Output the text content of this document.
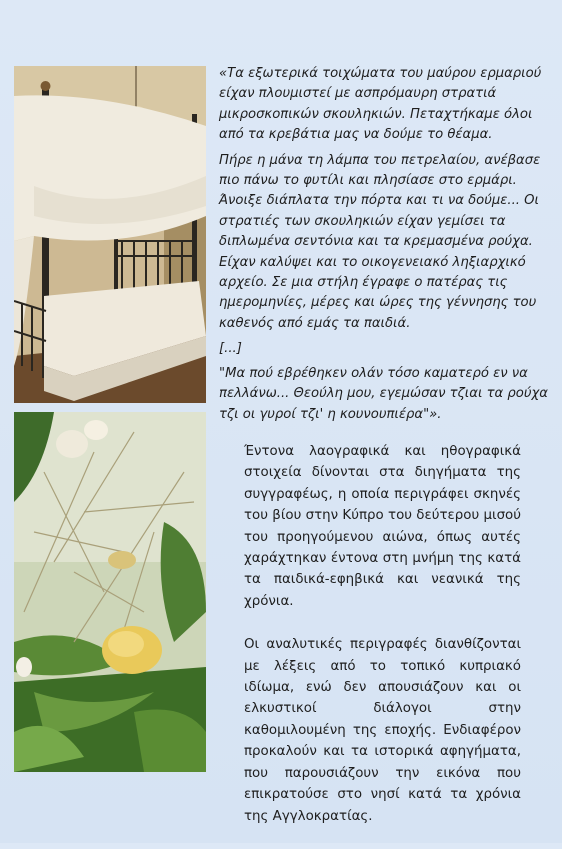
«Τα εξωτερικά τοιχώματα του μαύρου ερμαριού είχαν πλουμιστεί με ασπρόμαυρη στρατιά μικροσκοπικών σκουληκιών. Πεταχτήκαμε όλοι από τα κρεβάτια μας να δούμε το θέαμα.

Πήρε η μάνα τη λάμπα του πετρελαίου, ανέβασε πιο πάνω το φυτίλι και πλησίασε στο ερμάρι. Άνοιξε διάπλατα την πόρτα και τι να δούμε... Οι στρατιές των σκουληκιών είχαν γεμίσει τα διπλωμένα σεντόνια και τα κρεμασμένα ρούχα. Είχαν καλύψει και το οικογενειακό ληξιαρχικό αρχείο. Σε μια στήλη έγραφε ο πατέρας τις ημερομηνίες, μέρες και ώρες της γέννησης του καθενός από εμάς τα παιδιά.

[...]

"Μα πού εβρέθηκεν ολάν τόσο καματερό εν να πελλάνω... Θεούλη μου, εγεμώσαν τζιαι τα ρούχα τζι οι γυροί τζι' η κουνουπιέρα"».

Έντονα λαογραφικά και ηθογραφικά στοιχεία δίνονται στα διηγήματα της συγγραφέως, η οποία περιγράφει σκηνές του βίου στην Κύπρο του δεύτερου μισού του προηγούμενου αιώνα, όπως αυτές χαράχτηκαν έντονα στη μνήμη της κατά τα παιδικά-εφηβικά και νεανικά της χρόνια.

Οι αναλυτικές περιγραφές διανθίζονται με λέξεις από το τοπικό κυπριακό ιδίωμα, ενώ δεν απουσιάζουν και οι ελκυστικοί διάλογοι στην καθομιλουμένη της εποχής. Ενδιαφέρον προκαλούν και τα ιστορικά αφηγήματα, που παρουσιάζουν την εικόνα που επικρατούσε στο νησί κατά τα χρόνια της Αγγλοκρατίας.
